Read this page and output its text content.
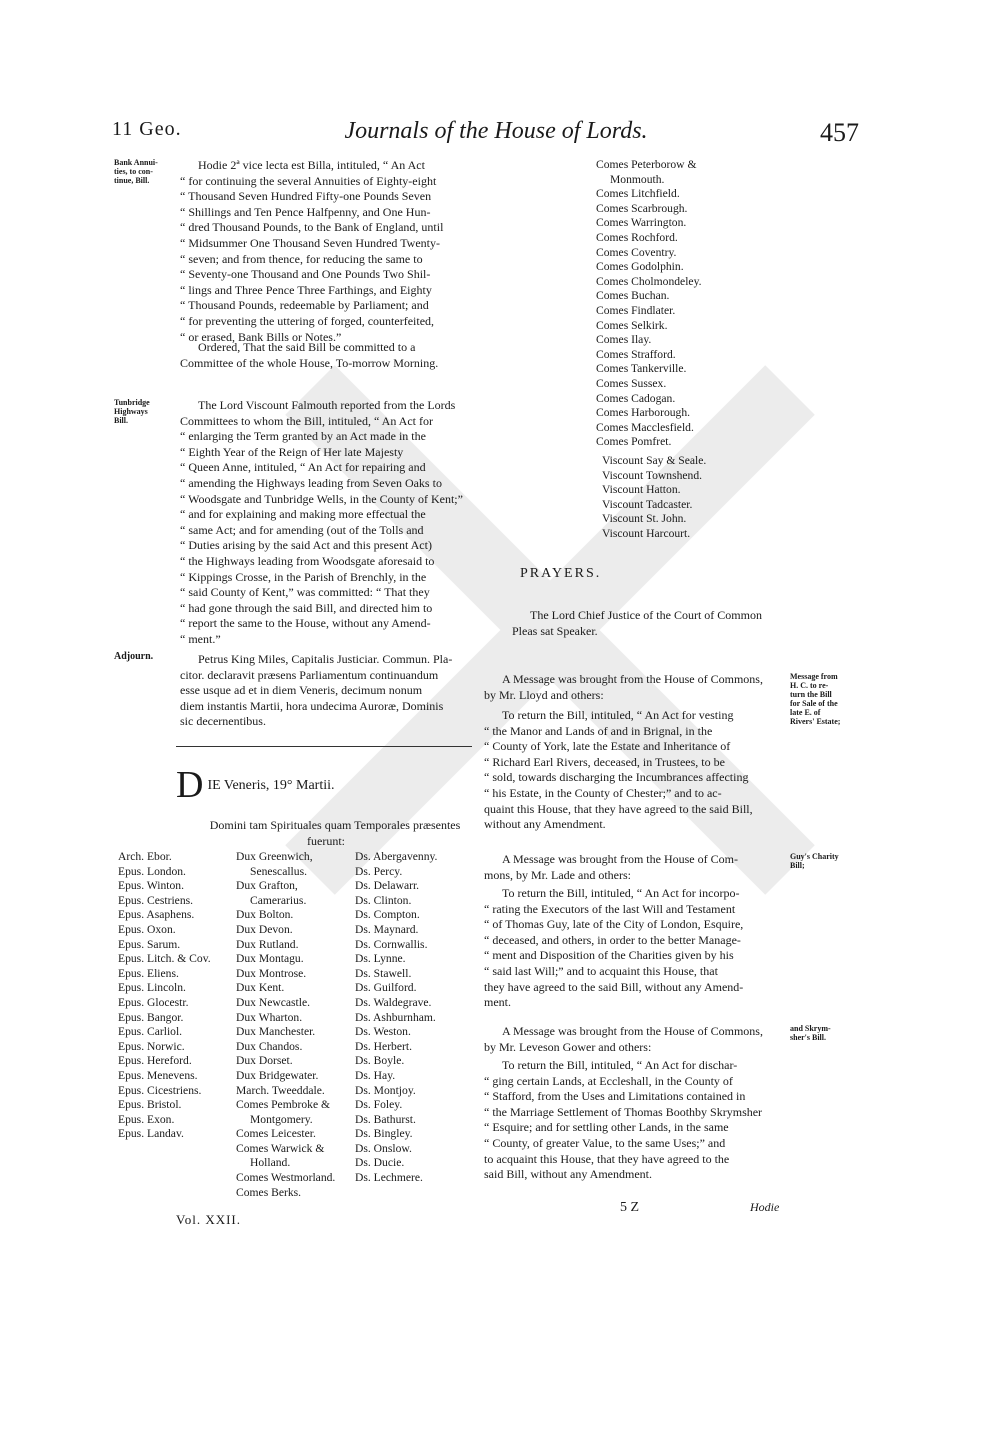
11 Geo.	Journals of the House of Lords.	457
Bank Annui-
ties, to con-
tinue, Bill.
Tunbridge
Highways
Bill.
Adjourn.
Hodie 2ª vice lecta est Billa, intituled, “ An Act
“ for continuing the several Annuities of Eighty-eight
“ Thousand Seven Hundred Fifty-one Pounds Seven
“ Shillings and Ten Pence Halfpenny, and One Hun-
“ dred Thousand Pounds, to the Bank of England, until
“ Midsummer One Thousand Seven Hundred Twenty-
“ seven; and from thence, for reducing the same to
“ Seventy-one Thousand and One Pounds Two Shil-
“ lings and Three Pence Three Farthings, and Eighty
“ Thousand Pounds, redeemable by Parliament; and
“ for preventing the uttering of forged, counterfeited,
“ or erased, Bank Bills or Notes.”
Ordered, That the said Bill be committed to a
Committee of the whole House, To-morrow Morning.
The Lord Viscount Falmouth reported from the Lords
Committees to whom the Bill, intituled, “ An Act for
“ enlarging the Term granted by an Act made in the
“ Eighth Year of the Reign of Her late Majesty
“ Queen Anne, intituled, “ An Act for repairing and
“ amending the Highways leading from Seven Oaks to
“ Woodsgate and Tunbridge Wells, in the County of Kent;”
“ and for explaining and making more effectual the
“ same Act; and for amending (out of the Tolls and
“ Duties arising by the said Act and this present Act)
“ the Highways leading from Woodsgate aforesaid to
“ Kippings Crosse, in the Parish of Brenchly, in the
“ said County of Kent,” was committed: “ That they
“ had gone through the said Bill, and directed him to
“ report the same to the House, without any Amend-
“ ment.”
Petrus King Miles, Capitalis Justiciar. Commun. Pla-
citor. declaravit præsens Parliamentum continuandum
esse usque ad et in diem Veneris, decimum nonum
diem instantis Martii, hora undecima Auroræ, Dominis
sic decernentibus.
D IE Veneris, 19° Martii.
Domini tam Spirituales quam Temporales præsentes
fuerunt:
Arch. Ebor.
Epus. London.
Epus. Winton.
Epus. Cestriens.
Epus. Asaphens.
Epus. Oxon.
Epus. Sarum.
Epus. Litch. & Cov.
Epus. Eliens.
Epus. Lincoln.
Epus. Glocestr.
Epus. Bangor.
Epus. Carliol.
Epus. Norwic.
Epus. Hereford.
Epus. Menevens.
Epus. Cicestriens.
Epus. Bristol.
Epus. Exon.
Epus. Landav.
Dux Greenwich,
Senescallus.
Dux Grafton,
Camerarius.
Dux Bolton.
Dux Devon.
Dux Rutland.
Dux Montagu.
Dux Montrose.
Dux Kent.
Dux Newcastle.
Dux Wharton.
Dux Manchester.
Dux Chandos.
Dux Dorset.
Dux Bridgewater.
March. Tweeddale.
Comes Pembroke &
Montgomery.
Comes Leicester.
Comes Warwick &
Holland.
Comes Westmorland.
Comes Berks.
Ds. Abergavenny.
Ds. Percy.
Ds. Delawarr.
Ds. Clinton.
Ds. Compton.
Ds. Maynard.
Ds. Cornwallis.
Ds. Lynne.
Ds. Stawell.
Ds. Guilford.
Ds. Waldegrave.
Ds. Ashburnham.
Ds. Weston.
Ds. Herbert.
Ds. Boyle.
Ds. Hay.
Ds. Montjoy.
Ds. Foley.
Ds. Bathurst.
Ds. Bingley.
Ds. Onslow.
Ds. Ducie.
Ds. Lechmere.
Vol. XXII.
Comes Peterborow &
Monmouth.
Comes Litchfield.
Comes Scarbrough.
Comes Warrington.
Comes Rochford.
Comes Coventry.
Comes Godolphin.
Comes Cholmondeley.
Comes Buchan.
Comes Findlater.
Comes Selkirk.
Comes Ilay.
Comes Strafford.
Comes Tankerville.
Comes Sussex.
Comes Cadogan.
Comes Harborough.
Comes Macclesfield.
Comes Pomfret.
Viscount Say & Seale.
Viscount Townshend.
Viscount Hatton.
Viscount Tadcaster.
Viscount St. John.
Viscount Harcourt.
PRAYERS.
The Lord Chief Justice of the Court of Common
Pleas sat Speaker.
A Message was brought from the House of Commons,
by Mr. Lloyd and others:
To return the Bill, intituled, “ An Act for vesting
“ the Manor and Lands of and in Brignal, in the
“ County of York, late the Estate and Inheritance of
“ Richard Earl Rivers, deceased, in Trustees, to be
“ sold, towards discharging the Incumbrances affecting
“ his Estate, in the County of Chester;” and to ac-
quaint this House, that they have agreed to the said Bill,
without any Amendment.
A Message was brought from the House of Com-
mons, by Mr. Lade and others:
To return the Bill, intituled, “ An Act for incorpo-
“ rating the Executors of the last Will and Testament
“ of Thomas Guy, late of the City of London, Esquire,
“ deceased, and others, in order to the better Manage-
“ ment and Disposition of the Charities given by his
“ said last Will;” and to acquaint this House, that
they have agreed to the said Bill, without any Amend-
ment.
A Message was brought from the House of Commons,
by Mr. Leveson Gower and others:
To return the Bill, intituled, “ An Act for dischar-
“ ging certain Lands, at Eccleshall, in the County of
“ Stafford, from the Uses and Limitations contained in
“ the Marriage Settlement of Thomas Boothby Skrymsher
“ Esquire; and for settling other Lands, in the same
“ County, of greater Value, to the same Uses;” and
to acquaint this House, that they have agreed to the
said Bill, without any Amendment.
Message from
H. C. to re-
turn the Bill
for Sale of the
late E. of
Rivers' Estate;
Guy's Charity
Bill;
and Skrym-
sher's Bill.
5 Z	Hodie
